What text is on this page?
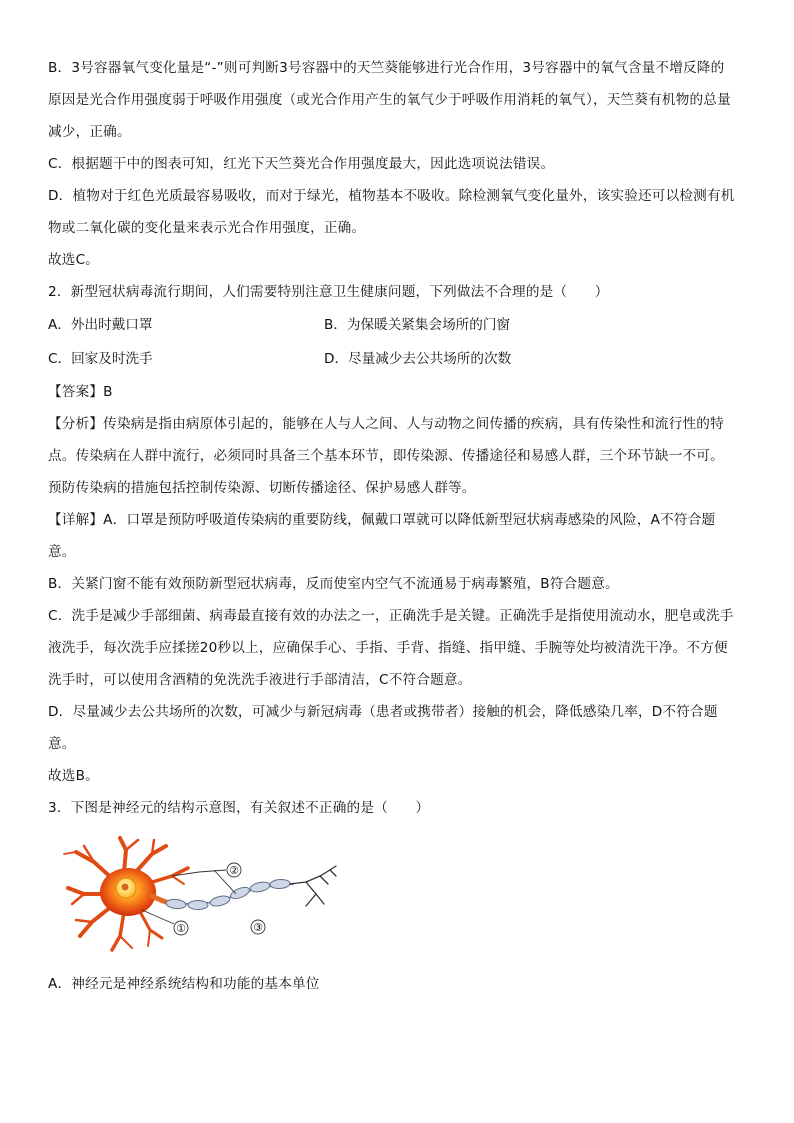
B．3号容器氧气变化量是“-”则可判断3号容器中的天竺葵能够进行光合作用，3号容器中的氧气含量不增反降的
原因是光合作用强度弱于呼吸作用强度（或光合作用产生的氧气少于呼吸作用消耗的氧气），天竺葵有机物的总量
减少，正确。
C．根据题干中的图表可知，红光下天竺葵光合作用强度最大，因此选项说法错误。
D．植物对于红色光质最容易吸收，而对于绿光，植物基本不吸收。除检测氧气变化量外，该实验还可以检测有机
物或二氧化碳的变化量来表示光合作用强度，正确。
故选C。
2．新型冠状病毒流行期间，人们需要特别注意卫生健康问题，下列做法不合理的是（　　）
A．外出时戴口罩	B．为保暖关紧集会场所的门窗
C．回家及时洗手	D．尽量减少去公共场所的次数
【答案】B
【分析】传染病是指由病原体引起的，能够在人与人之间、人与动物之间传播的疾病，具有传染性和流行性的特
点。传染病在人群中流行，必须同时具备三个基本环节，即传染源、传播途径和易感人群，三个环节缺一不可。
预防传染病的措施包括控制传染源、切断传播途径、保护易感人群等。
【详解】A．口罩是预防呼吸道传染病的重要防线，佩戴口罩就可以降低新型冠状病毒感染的风险，A不符合题
意。
B．关紧门窗不能有效预防新型冠状病毒，反而使室内空气不流通易于病毒繁殖，B符合题意。
C．洗手是减少手部细菌、病毒最直接有效的办法之一，正确洗手是关键。正确洗手是指使用流动水，肥皂或洗手
液洗手，每次洗手应揉搓20秒以上，应确保手心、手指、手背、指缝、指甲缝、手腕等处均被清洗干净。不方便
洗手时，可以使用含酒精的免洗洗手液进行手部清洁，C不符合题意。
D．尽量减少去公共场所的次数，可减少与新冠病毒（患者或携带者）接触的机会，降低感染几率，D不符合题
意。
故选B。
3．下图是神经元的结构示意图，有关叙述不正确的是（　　）
②
③
①
A．神经元是神经系统结构和功能的基本单位
